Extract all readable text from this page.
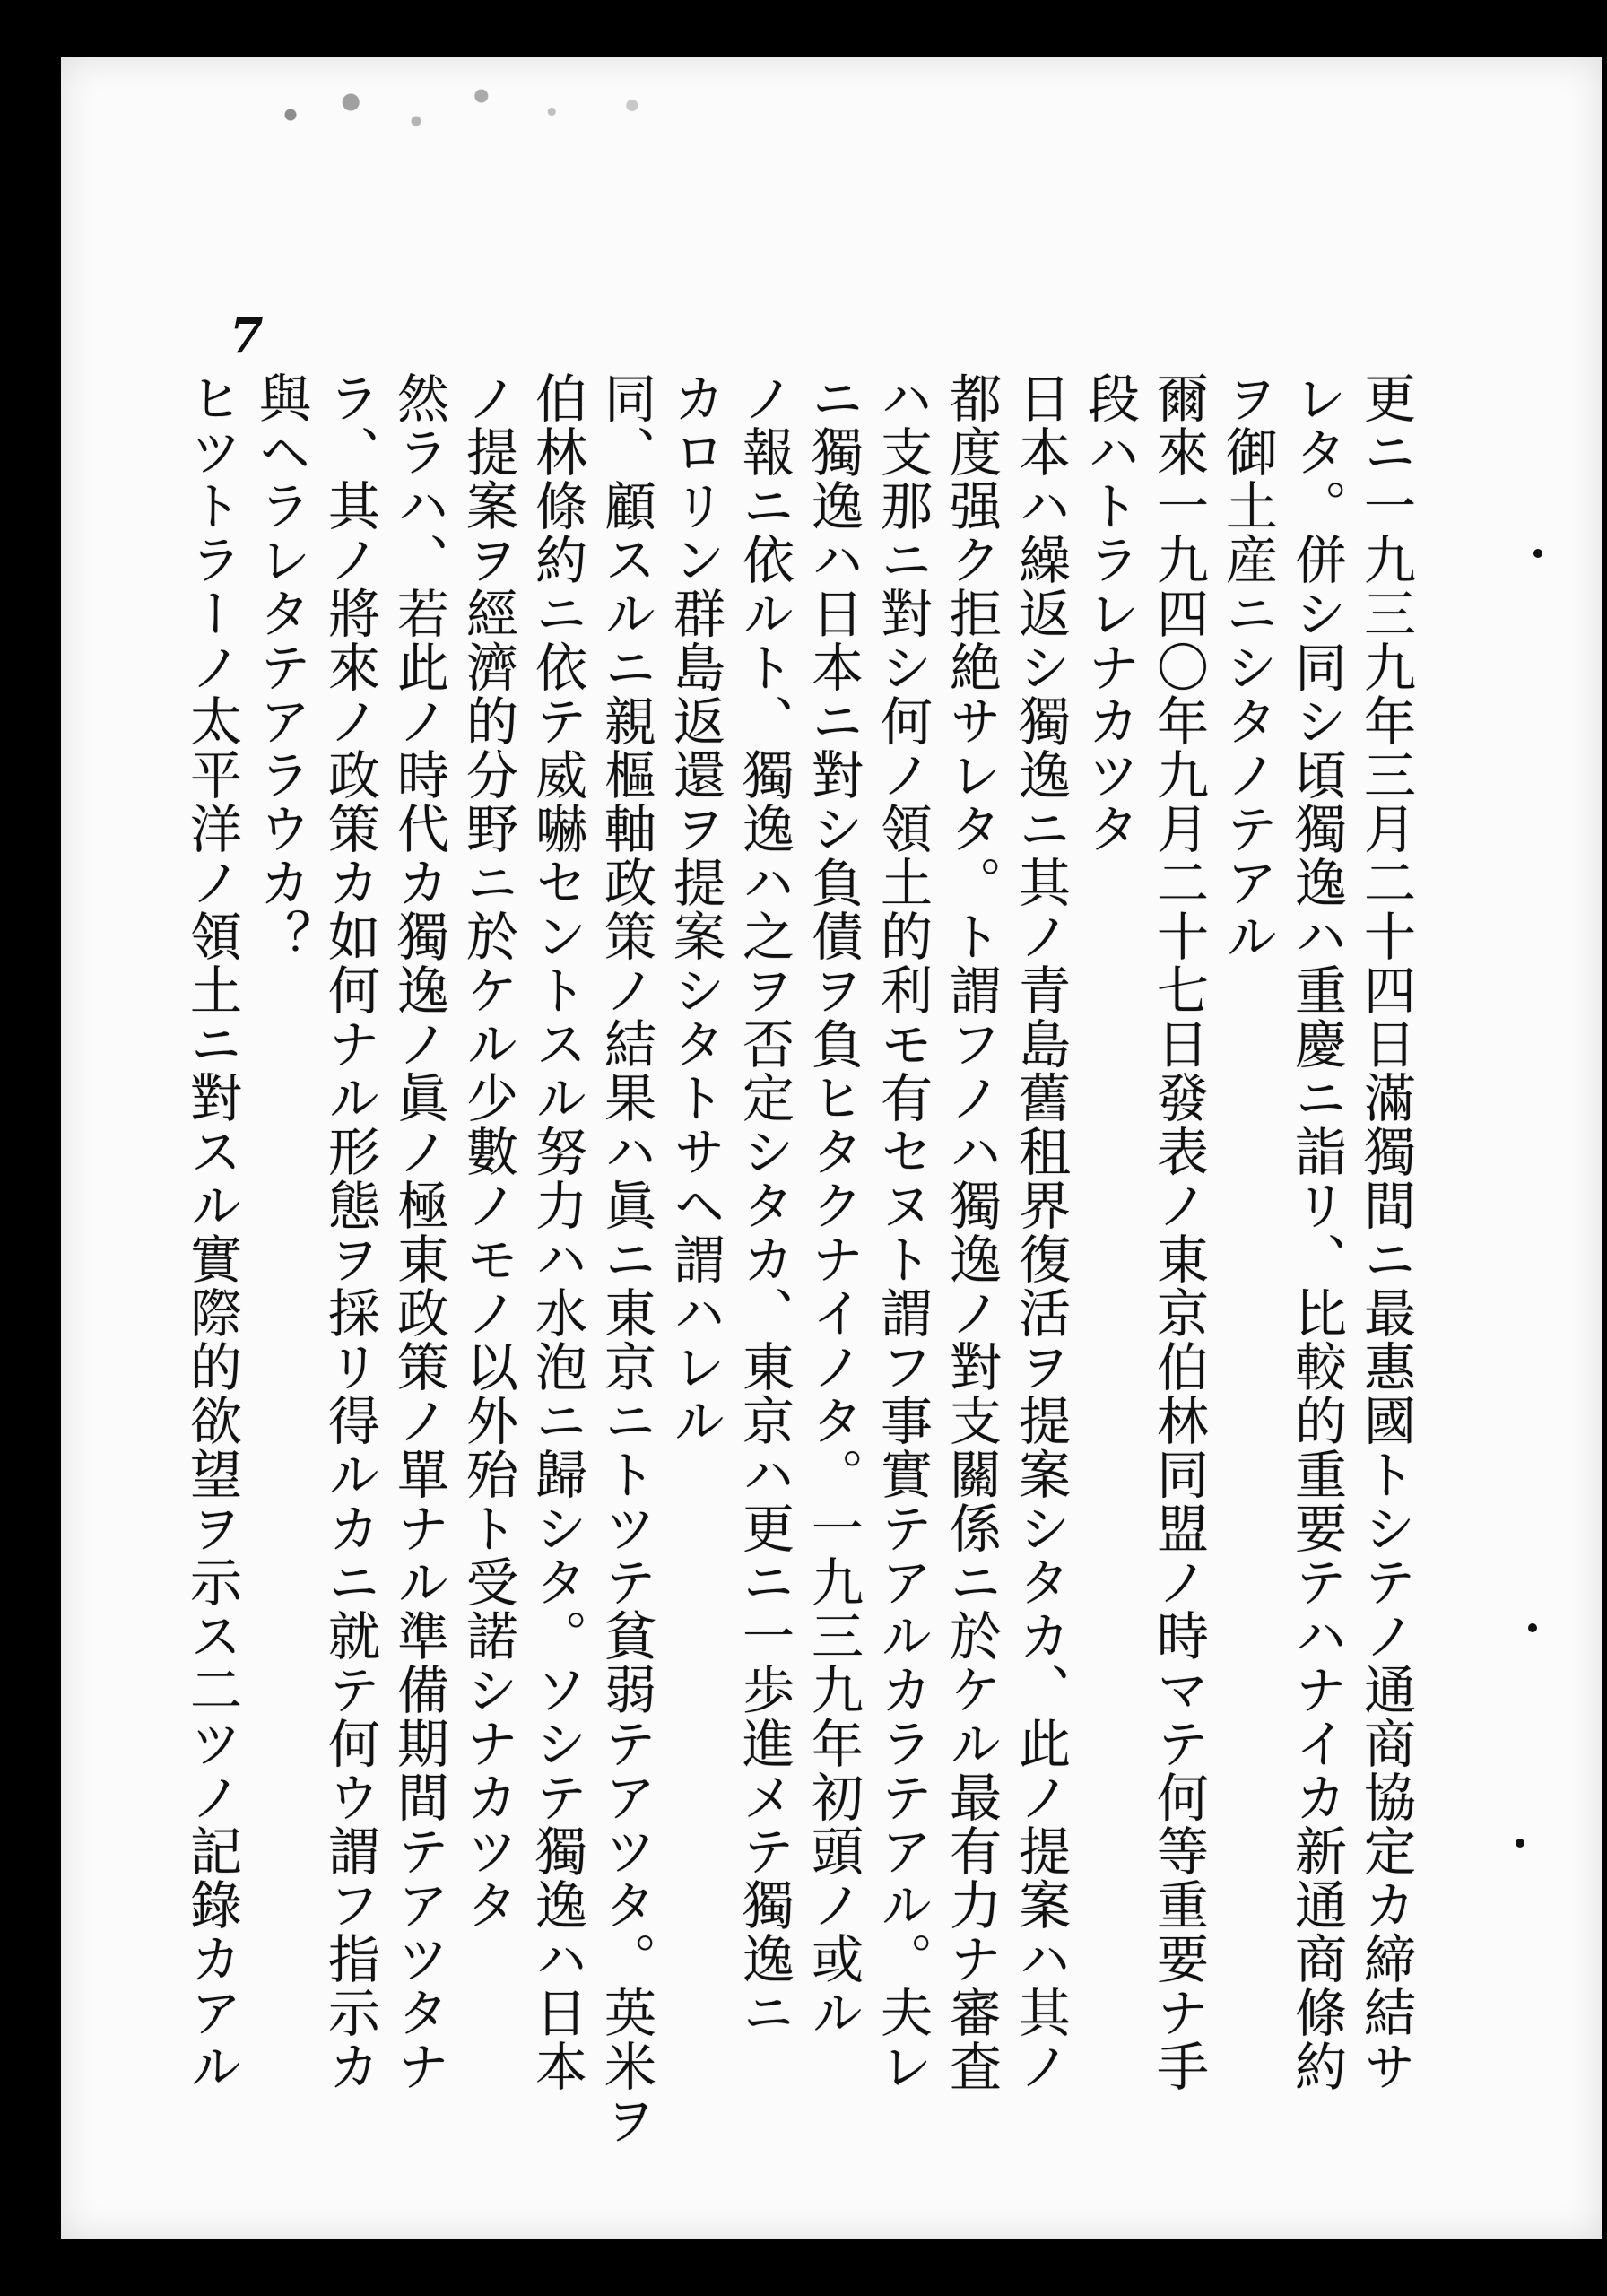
7
更ニ一九三九年三月二十四日滿獨間ニ最惠國トシテノ通商協定カ締結サ
レタ。併シ同シ頃獨逸ハ重慶ニ詣リ、比較的重要テハナイカ新通商條約
ヲ御土産ニシタノテアル
爾來一九四〇年九月二十七日發表ノ東京伯林同盟ノ時マテ何等重要ナ手
段ハトラレナカツタ
日本ハ繰返シ獨逸ニ其ノ青島舊租界復活ヲ提案シタカ、此ノ提案ハ其ノ
都度强ク拒絶サレタ。ト謂フノハ獨逸ノ對支關係ニ於ケル最有力ナ審査
ハ支那ニ對シ何ノ領土的利モ有セヌト謂フ事實テアルカラテアル。夫レ
ニ獨逸ハ日本ニ對シ負債ヲ負ヒタクナイノタ。一九三九年初頭ノ或ル
ノ報ニ依ルト、獨逸ハ之ヲ否定シタカ、東京ハ更ニ一歩進メテ獨逸ニ
カロリン群島返還ヲ提案シタトサヘ謂ハレル
同、顧スルニ親樞軸政策ノ結果ハ眞ニ東京ニトツテ貧弱テアツタ。英米ヲ
伯林條約ニ依テ威嚇セントスル努力ハ水泡ニ歸シタ。ソシテ獨逸ハ日本
ノ提案ヲ經濟的分野ニ於ケル少數ノモノ以外殆ト受諾シナカツタ
然ラハ、若此ノ時代カ獨逸ノ眞ノ極東政策ノ單ナル準備期間テアツタナ
ラ、其ノ將來ノ政策カ如何ナル形態ヲ採リ得ルカニ就テ何ウ謂フ指示カ
與ヘラレタテアラウカ？
ヒツトラーノ太平洋ノ領土ニ對スル實際的欲望ヲ示ス二ツノ記錄カアル
